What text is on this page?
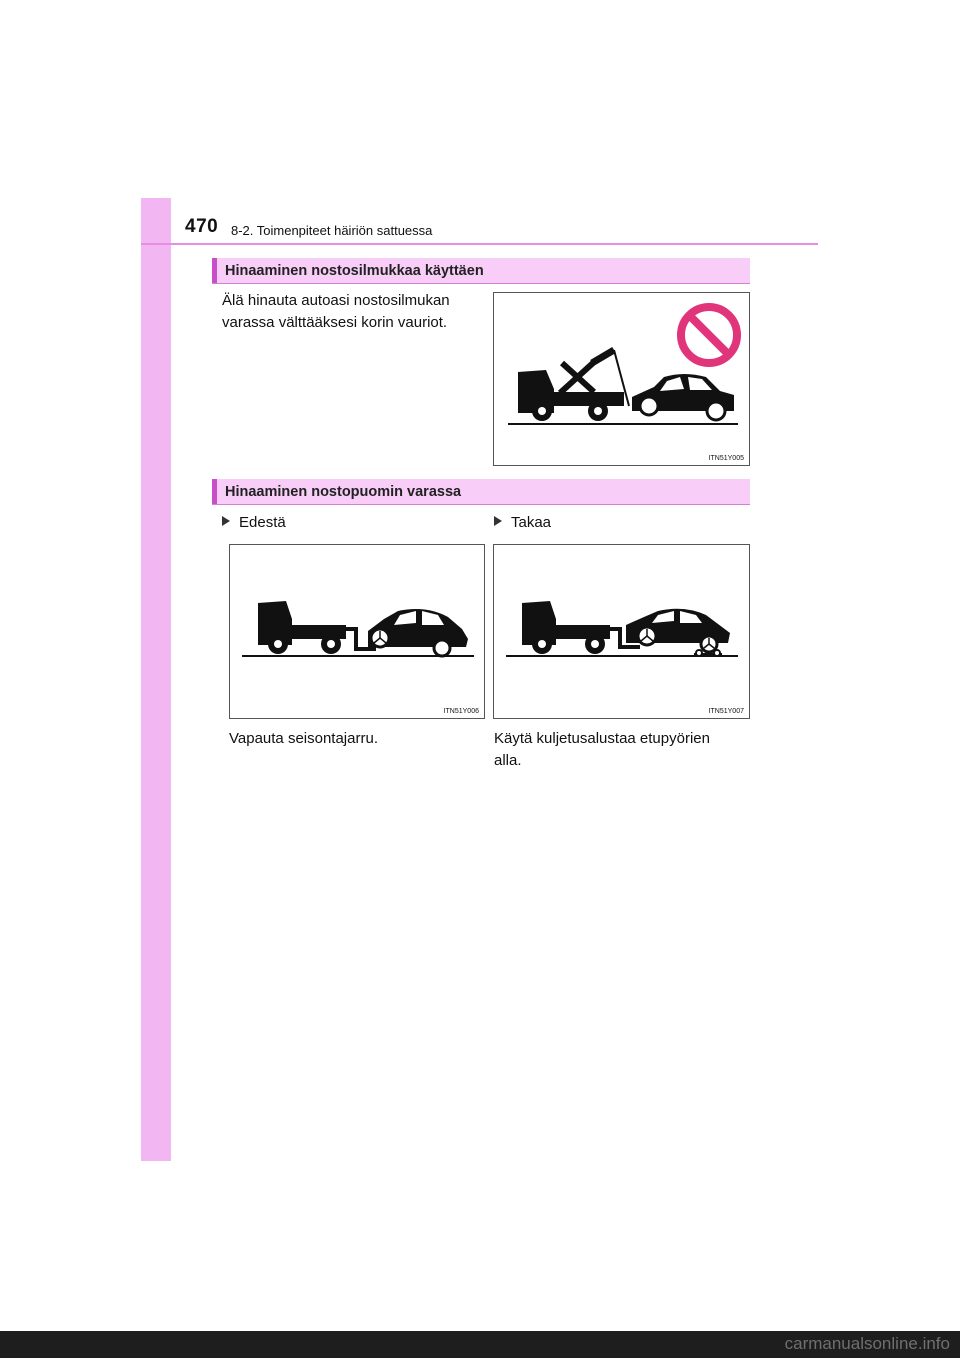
470 8-2. Toimenpiteet häiriön sattuessa
Hinaaminen nostosilmukkaa käyttäen
Älä hinauta autoasi nostosilmukan
varassa välttääksesi korin vauriot.
ITN51Y005
Hinaaminen nostopuomin varassa
Edestä	Takaa
ITN51Y006	ITN51Y007
Vapauta seisontajarru.	Käytä kuljetusalustaa etupyörien
alla.
carmanualsonline.info
